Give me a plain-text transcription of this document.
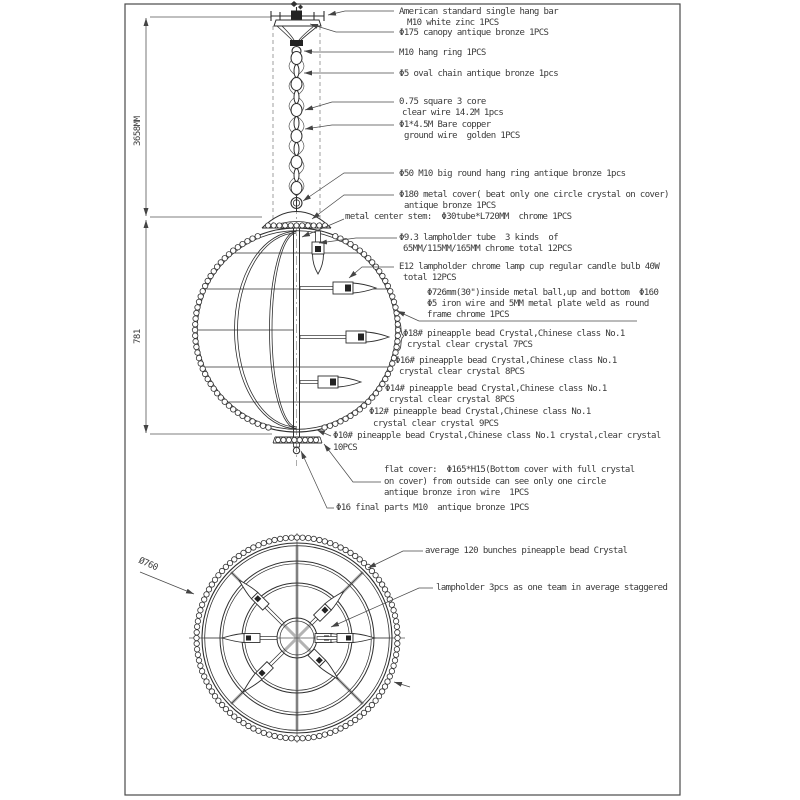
3658MM
781
Ø760
American standard single hang bar
M10 white zinc 1PCS
Φ175 canopy antique bronze 1PCS
M10 hang ring 1PCS
Φ5 oval chain antique bronze 1pcs
0.75 square 3 core
clear wire 14.2M 1pcs
Φ1*4.5M Bare copper
ground wire  golden 1PCS
Φ50 M10 big round hang ring antique bronze 1pcs
Φ180 metal cover( beat only one circle crystal on cover)
antique bronze 1PCS
metal center stem:  Φ30tube*L720MM  chrome 1PCS
Φ9.3 lampholder tube  3 kinds  of
65MM/115MM/165MM chrome total 12PCS
E12 lampholder chrome lamp cup regular candle bulb 40W
total 12PCS
Φ726mm(30")inside metal ball,up and bottom  Φ160
Φ5 iron wire and 5MM metal plate weld as round
frame chrome 1PCS
Φ18# pineapple bead Crystal,Chinese class No.1
crystal clear crystal 7PCS
Φ16# pineapple bead Crystal,Chinese class No.1
crystal clear crystal 8PCS
Φ14# pineapple bead Crystal,Chinese class No.1
crystal clear crystal 8PCS
Φ12# pineapple bead Crystal,Chinese class No.1
crystal clear crystal 9PCS
Φ10# pineapple bead Crystal,Chinese class No.1 crystal,clear crystal
10PCS
flat cover:  Φ165*H15(Bottom cover with full crystal
on cover) from outside can see only one circle
antique bronze iron wire  1PCS
Φ16 final parts M10  antique bronze 1PCS
average 120 bunches pineapple bead Crystal
lampholder 3pcs as one team in average staggered
